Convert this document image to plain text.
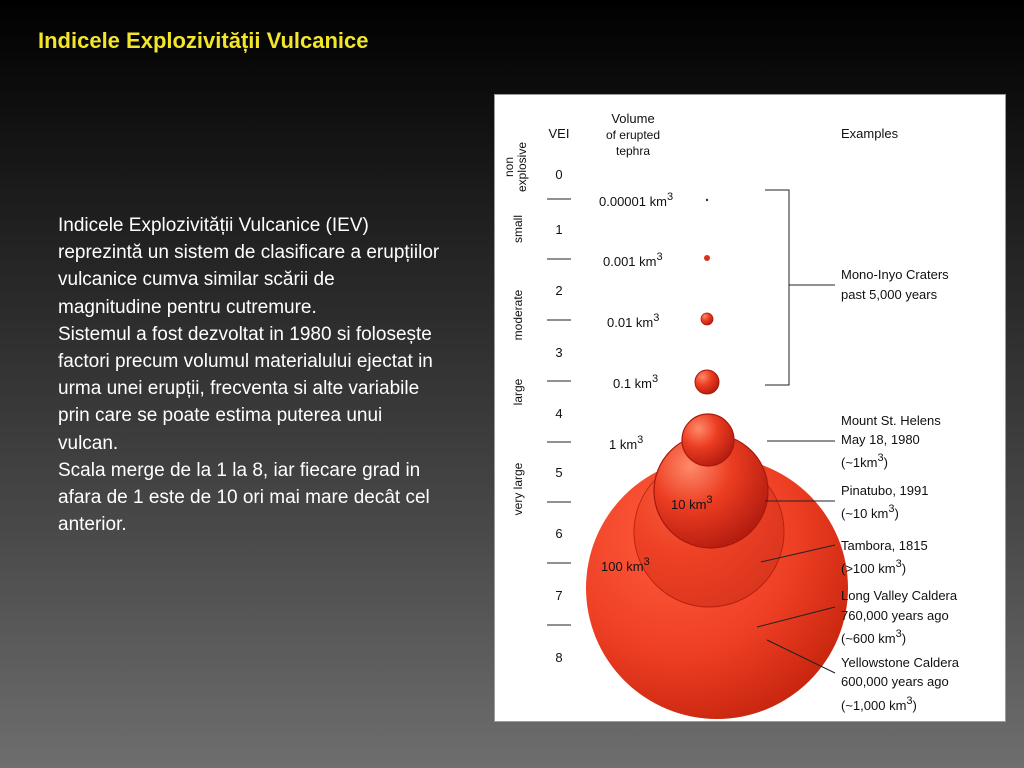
Indicele Explozivității Vulcanice

Indicele Explozivității Vulcanice (IEV) reprezintă un sistem de clasificare a erupțiilor vulcanice cumva similar scării de magnitudine pentru cutremure.

Sistemul a fost dezvoltat in 1980 si folosește factori precum volumul materialului ejectat in urma unei erupții, frecventa si alte variabile prin care se poate estima puterea unui vulcan.

Scala merge de la 1 la 8, iar fiecare grad in afara de 1 este de 10 ori mai mare decât cel anterior.

VEI
Volume
of erupted
tephra
Examples
non explosive
small
moderate
large
very large
0
1
2
3
4
5
6
7
8
0.00001 $km^3$
0.001 $km^3$
0.01 $km^3$
0.1 $km^3$
1 $km^3$
10 $km^3$
100 $km^3$
Mono-Inyo Craters
past 5,000 years
Mount St. Helens
May 18, 1980
$(\sim 1km^3)$
Pinatubo, 1991
(~10 $km^3$)
Tambora, 1815
(>100 $km^3$)
Long Valley Caldera
760,000 years ago
(~600 $km^3$)
Yellowstone Caldera
600,000 years ago
(~1,000 $km^3$)
